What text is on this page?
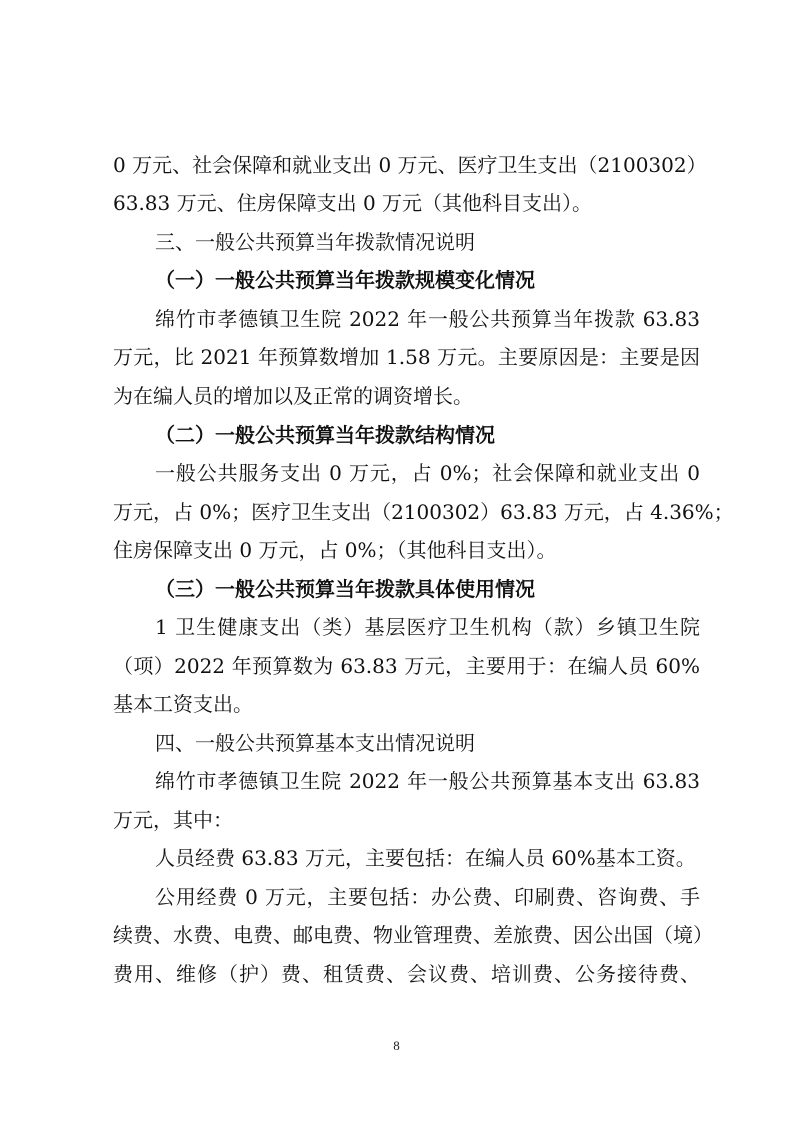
0 万元、社会保障和就业支出 0 万元、医疗卫生支出（2100302）
63.83 万元、住房保障支出 0 万元（其他科目支出）。
三、一般公共预算当年拨款情况说明
（一）一般公共预算当年拨款规模变化情况
绵竹市孝德镇卫生院 2022 年一般公共预算当年拨款 63.83
万元，比 2021 年预算数增加 1.58 万元。主要原因是：主要是因
为在编人员的增加以及正常的调资增长。
（二）一般公共预算当年拨款结构情况
一般公共服务支出 0 万元，占 0%；社会保障和就业支出 0
万元，占 0%；医疗卫生支出（2100302）63.83 万元，占 4.36%；
住房保障支出 0 万元，占 0%；（其他科目支出）。
（三）一般公共预算当年拨款具体使用情况
1 卫生健康支出（类）基层医疗卫生机构（款）乡镇卫生院
（项）2022 年预算数为 63.83 万元，主要用于：在编人员 60%
基本工资支出。
四、一般公共预算基本支出情况说明
绵竹市孝德镇卫生院 2022 年一般公共预算基本支出 63.83
万元，其中：
人员经费 63.83 万元，主要包括：在编人员 60%基本工资。
公用经费 0 万元，主要包括：办公费、印刷费、咨询费、手
续费、水费、电费、邮电费、物业管理费、差旅费、因公出国（境）
费用、维修（护）费、租赁费、会议费、培训费、公务接待费、
8
